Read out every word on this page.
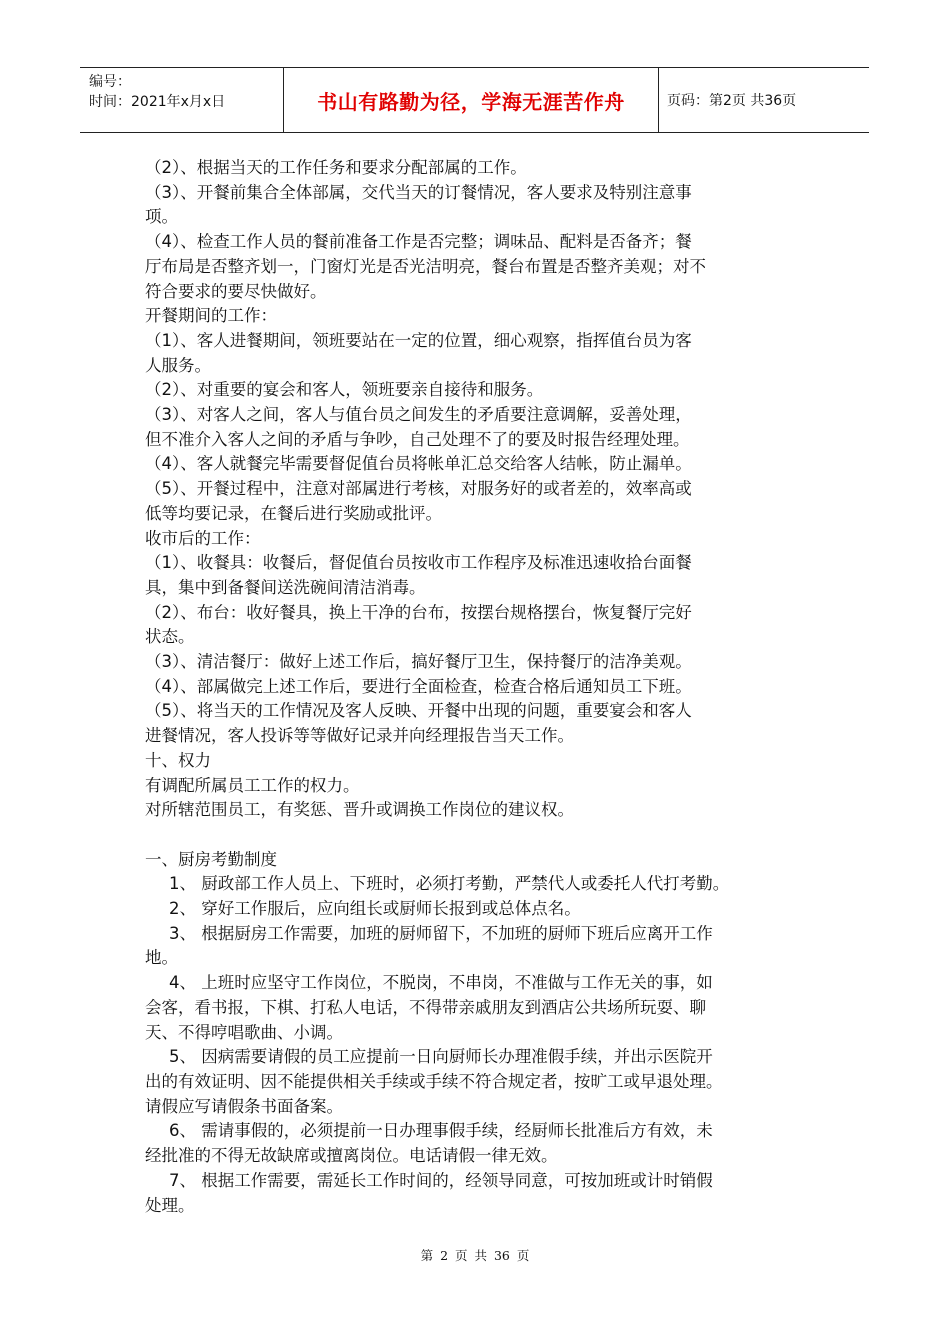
编号：
时间：2021年x月x日	书山有路勤为径，学海无涯苦作舟	页码：第2页 共36页

（2）、根据当天的工作任务和要求分配部属的工作。

（3）、开餐前集合全体部属，交代当天的订餐情况，客人要求及特别注意事

项。

（4）、检查工作人员的餐前准备工作是否完整；调味品、配料是否备齐；餐

厅布局是否整齐划一，门窗灯光是否光洁明亮，餐台布置是否整齐美观；对不

符合要求的要尽快做好。

开餐期间的工作：

（1）、客人进餐期间，领班要站在一定的位置，细心观察，指挥值台员为客

人服务。

（2）、对重要的宴会和客人，领班要亲自接待和服务。

（3）、对客人之间，客人与值台员之间发生的矛盾要注意调解，妥善处理，

但不准介入客人之间的矛盾与争吵，自己处理不了的要及时报告经理处理。

（4）、客人就餐完毕需要督促值台员将帐单汇总交给客人结帐，防止漏单。

（5）、开餐过程中，注意对部属进行考核，对服务好的或者差的，效率高或

低等均要记录，在餐后进行奖励或批评。

收市后的工作：

（1）、收餐具：收餐后，督促值台员按收市工作程序及标准迅速收拾台面餐

具，集中到备餐间送洗碗间清洁消毒。

（2）、布台：收好餐具，换上干净的台布，按摆台规格摆台，恢复餐厅完好

状态。

（3）、清洁餐厅：做好上述工作后，搞好餐厅卫生，保持餐厅的洁净美观。

（4）、部属做完上述工作后，要进行全面检查，检查合格后通知员工下班。

（5）、将当天的工作情况及客人反映、开餐中出现的问题，重要宴会和客人

进餐情况，客人投诉等等做好记录并向经理报告当天工作。

十、权力

有调配所属员工工作的权力。

对所辖范围员工，有奖惩、晋升或调换工作岗位的建议权。

一、厨房考勤制度

1、 厨政部工作人员上、下班时，必须打考勤，严禁代人或委托人代打考勤。

2、 穿好工作服后，应向组长或厨师长报到或总体点名。

3、 根据厨房工作需要，加班的厨师留下，不加班的厨师下班后应离开工作

地。

4、 上班时应坚守工作岗位，不脱岗，不串岗，不准做与工作无关的事，如

会客，看书报，下棋、打私人电话，不得带亲戚朋友到酒店公共场所玩耍、聊

天、不得哼唱歌曲、小调。

5、 因病需要请假的员工应提前一日向厨师长办理准假手续，并出示医院开

出的有效证明、因不能提供相关手续或手续不符合规定者，按旷工或早退处理。

请假应写请假条书面备案。

6、 需请事假的，必须提前一日办理事假手续，经厨师长批准后方有效，未

经批准的不得无故缺席或擅离岗位。电话请假一律无效。

7、 根据工作需要，需延长工作时间的，经领导同意，可按加班或计时销假

处理。

第 2 页 共 36 页
